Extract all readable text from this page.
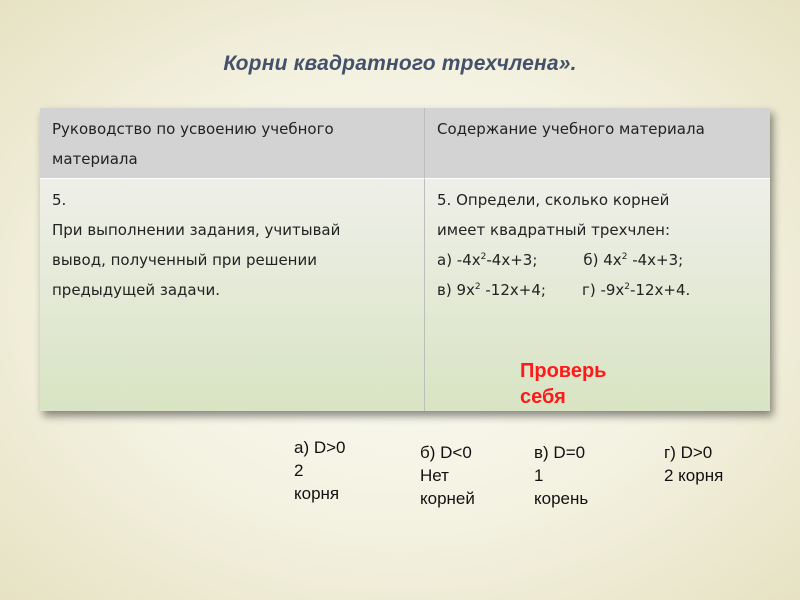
Корни квадратного трехчлена».
Руководство по усвоению учебного
материала
Содержание учебного материала
5.
При выполнении задания, учитывай
вывод, полученный при решении
предыдущей задачи.
5. Определи, сколько корней
имеет квадратный трехчлен:
а) $-4х^2-4х+3$;	б) $4х^2$ -4х+3;
в) $9х^2$ -12х+4; г) $-9х^2-12х+4$.
Проверь
себя
а) D>0
2
корня
б) D<0
Нет
корней
в) D=0
1
корень
г) D>0
2 корня
